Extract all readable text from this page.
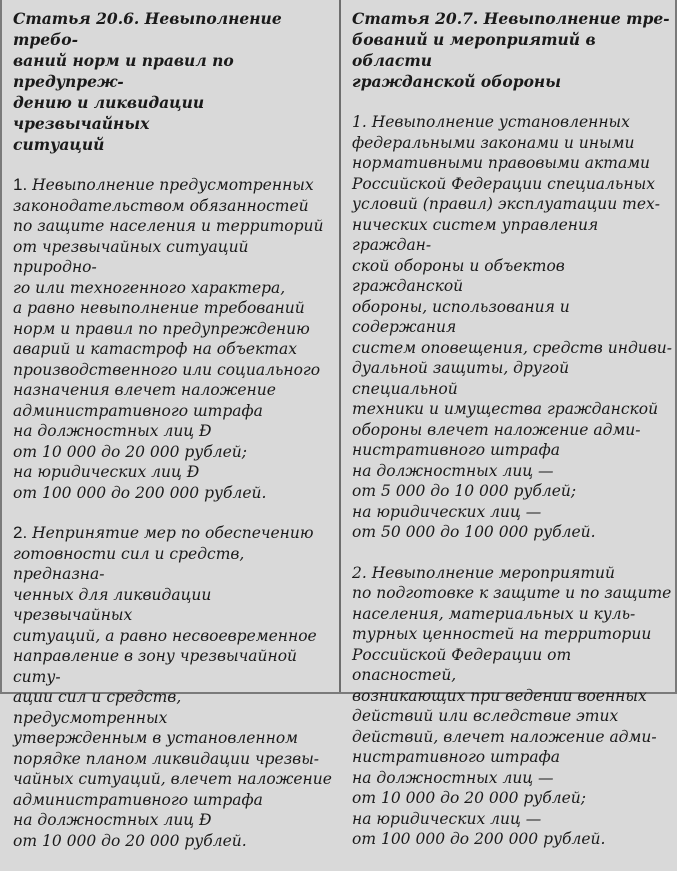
Статья 20.6. Невыполнение требо-
ваний норм и правил по предупреж-
дению и ликвидации чрезвычайных
ситуаций

1. Невыполнение предусмотренных
законодательством обязанностей
по защите населения и территорий
от чрезвычайных ситуаций природно-
го или техногенного характера,
а равно невыполнение требований
норм и правил по предупреждению
аварий и катастроф на объектах
производственного или социального
назначения влечет наложение
административного штрафа
на должностных лиц Ð
от 10 000 до 20 000 рублей;
на юридических лиц Ð
от 100 000 до 200 000 рублей.

2. Непринятие мер по обеспечению
готовности сил и средств, предназна-
ченных для ликвидации чрезвычайных
ситуаций, а равно несвоевременное
направление в зону чрезвычайной ситу-
ации сил и средств, предусмотренных
утвержденным в установленном
порядке планом ликвидации чрезвы-
чайных ситуаций, влечет наложение
административного штрафа
на должностных лиц Ð
от 10 000 до 20 000 рублей.

Статья 20.7. Невыполнение тре-
бований и мероприятий в области
гражданской обороны

1. Невыполнение установленных
федеральными законами и иными
нормативными правовыми актами
Российской Федерации специальных
условий (правил) эксплуатации тех-
нических систем управления граждан-
ской обороны и объектов гражданской
обороны, использования и содержания
систем оповещения, средств индиви-
дуальной защиты, другой специальной
техники и имущества гражданской
обороны влечет наложение адми-
нистративного штрафа
на должностных лиц —
от 5 000 до 10 000 рублей;
на юридических лиц —
от 50 000 до 100 000 рублей.

2. Невыполнение мероприятий
по подготовке к защите и по защите
населения, материальных и куль-
турных ценностей на территории
Российской Федерации от опасностей,
возникающих при ведении военных
действий или вследствие этих
действий, влечет наложение адми-
нистративного штрафа
на должностных лиц —
от 10 000 до 20 000 рублей;
на юридических лиц —
от 100 000 до 200 000 рублей.
